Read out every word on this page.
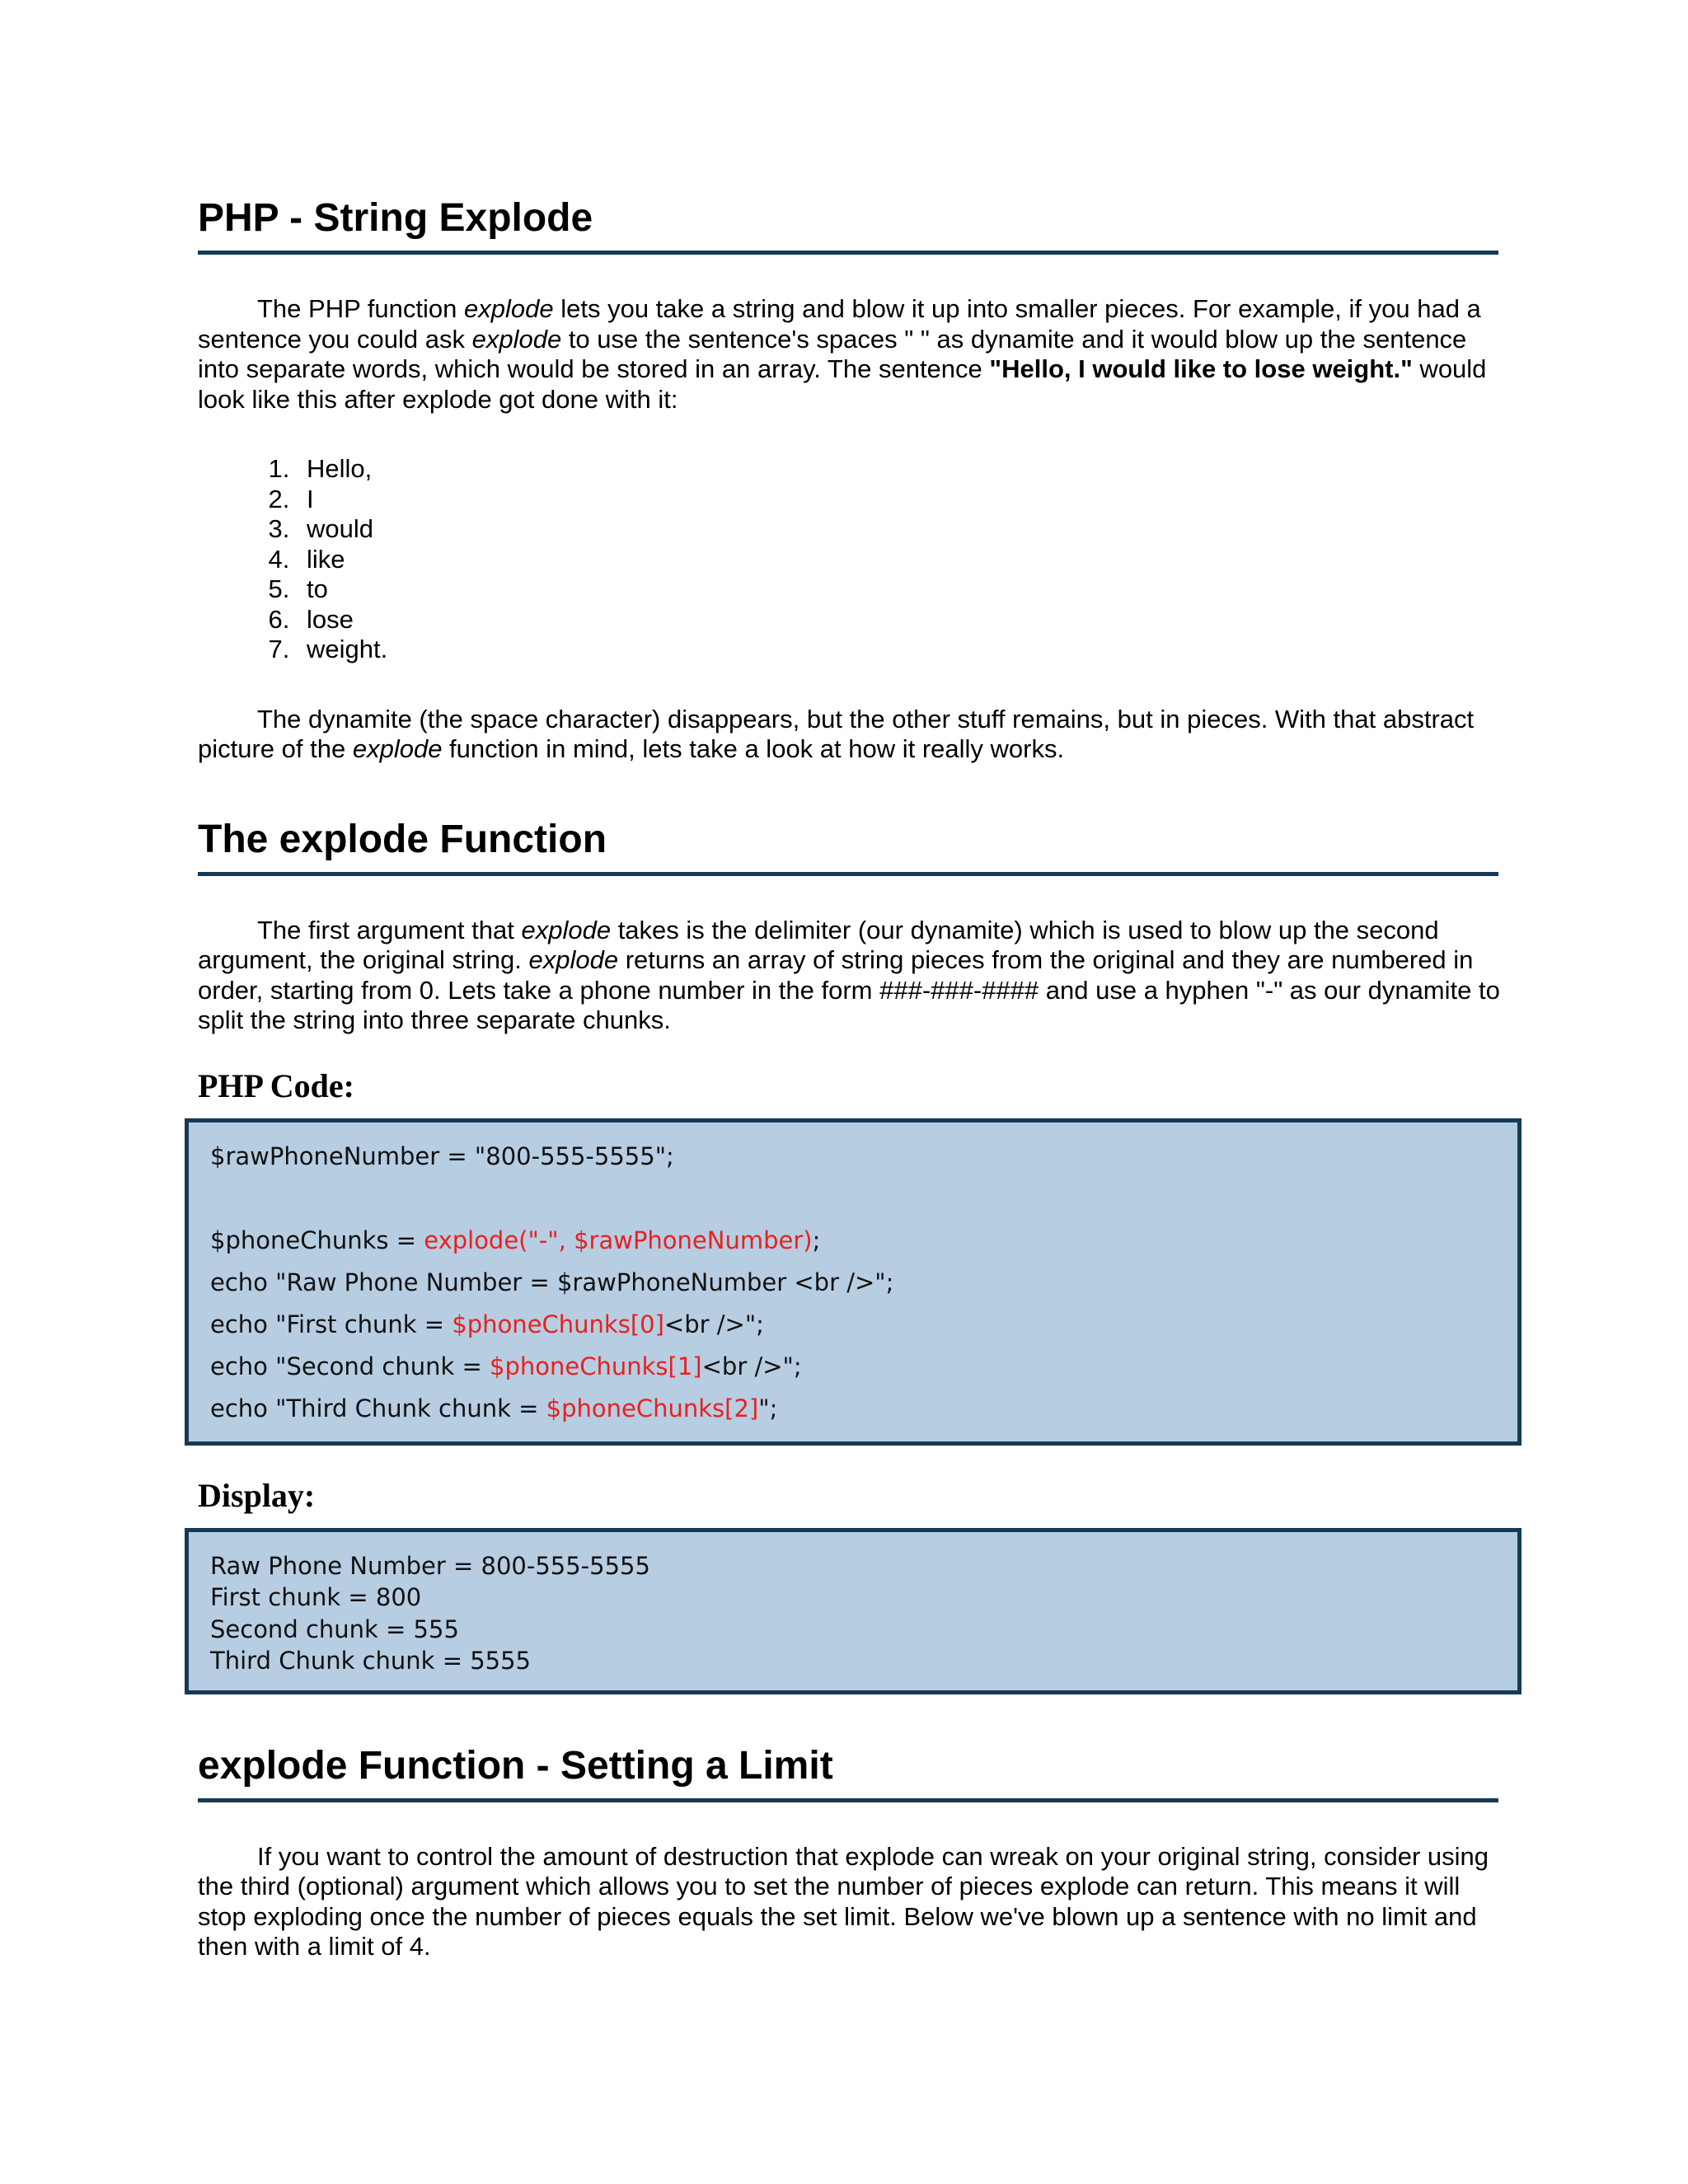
PHP - String Explode

The PHP function explode lets you take a string and blow it up into smaller pieces. For example, if you had a sentence you could ask explode to use the sentence's spaces " " as dynamite and it would blow up the sentence into separate words, which would be stored in an array. The sentence "Hello, I would like to lose weight." would look like this after explode got done with it:

1. Hello,
2. I
3. would
4. like
5. to
6. lose
7. weight.

The dynamite (the space character) disappears, but the other stuff remains, but in pieces. With that abstract picture of the explode function in mind, lets take a look at how it really works.

The explode Function

The first argument that explode takes is the delimiter (our dynamite) which is used to blow up the second argument, the original string. explode returns an array of string pieces from the original and they are numbered in order, starting from 0. Lets take a phone number in the form ###-###-#### and use a hyphen "-" as our dynamite to split the string into three separate chunks.

PHP Code:
$rawPhoneNumber = "800-555-5555";
$phoneChunks = explode("-", $rawPhoneNumber);
echo "Raw Phone Number = $rawPhoneNumber <br />";
echo "First chunk = $phoneChunks[0]<br />";
echo "Second chunk = $phoneChunks[1]<br />";
echo "Third Chunk chunk = $phoneChunks[2]";
Display:
Raw Phone Number = 800-555-5555
First chunk = 800
Second chunk = 555
Third Chunk chunk = 5555
explode Function - Setting a Limit

If you want to control the amount of destruction that explode can wreak on your original string, consider using the third (optional) argument which allows you to set the number of pieces explode can return. This means it will stop exploding once the number of pieces equals the set limit. Below we've blown up a sentence with no limit and then with a limit of 4.
